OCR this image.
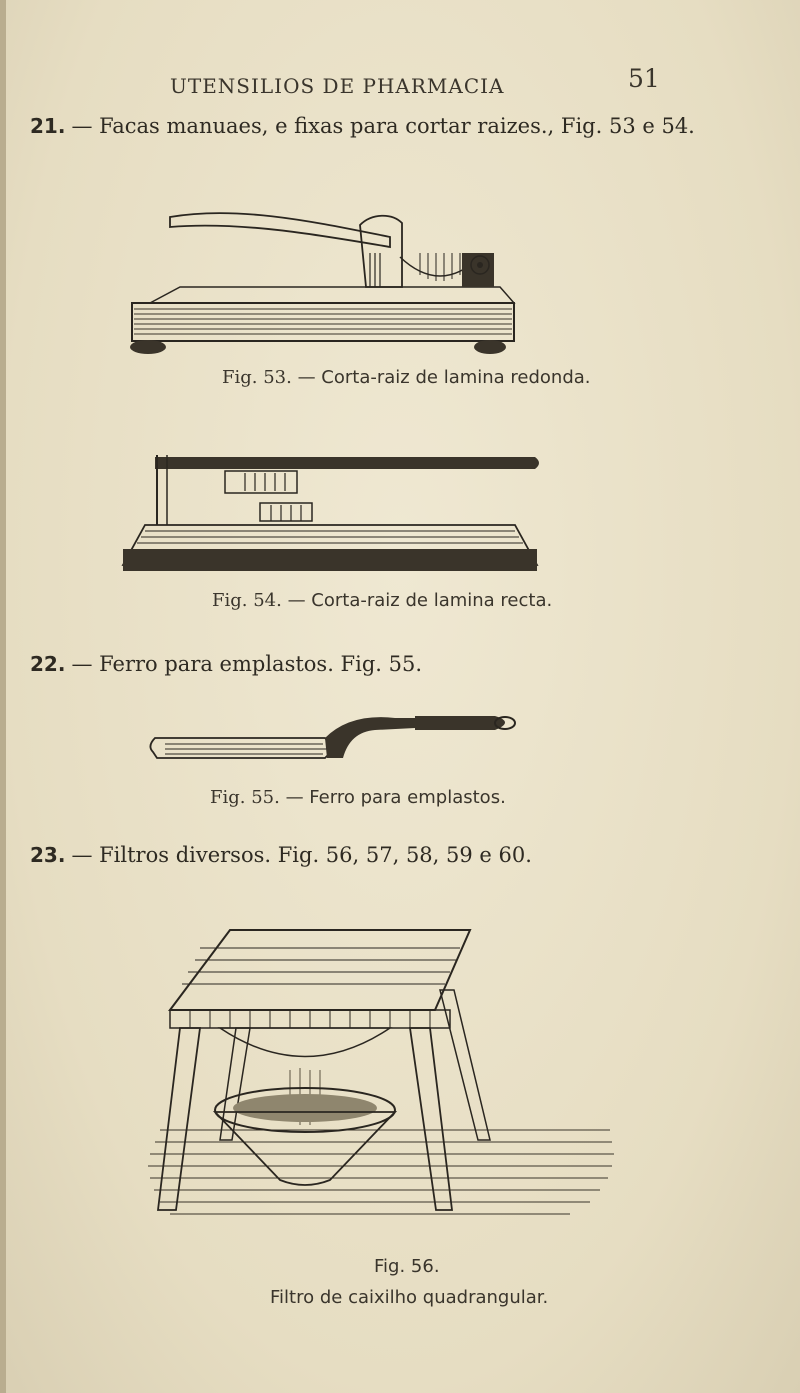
UTENSILIOS DE PHARMACIA	51
21. — Facas manuaes, e fixas para cortar raizes., Fig. 53 e 54.
Fig. 53. — Corta-raiz de lamina redonda.
Fig. 54. — Corta-raiz de lamina recta.
22. — Ferro para emplastos. Fig. 55.
Fig. 55. — Ferro para emplastos.
23. — Filtros diversos. Fig. 56, 57, 58, 59 e 60.
Fig. 56.
Filtro de caixilho quadrangular.
